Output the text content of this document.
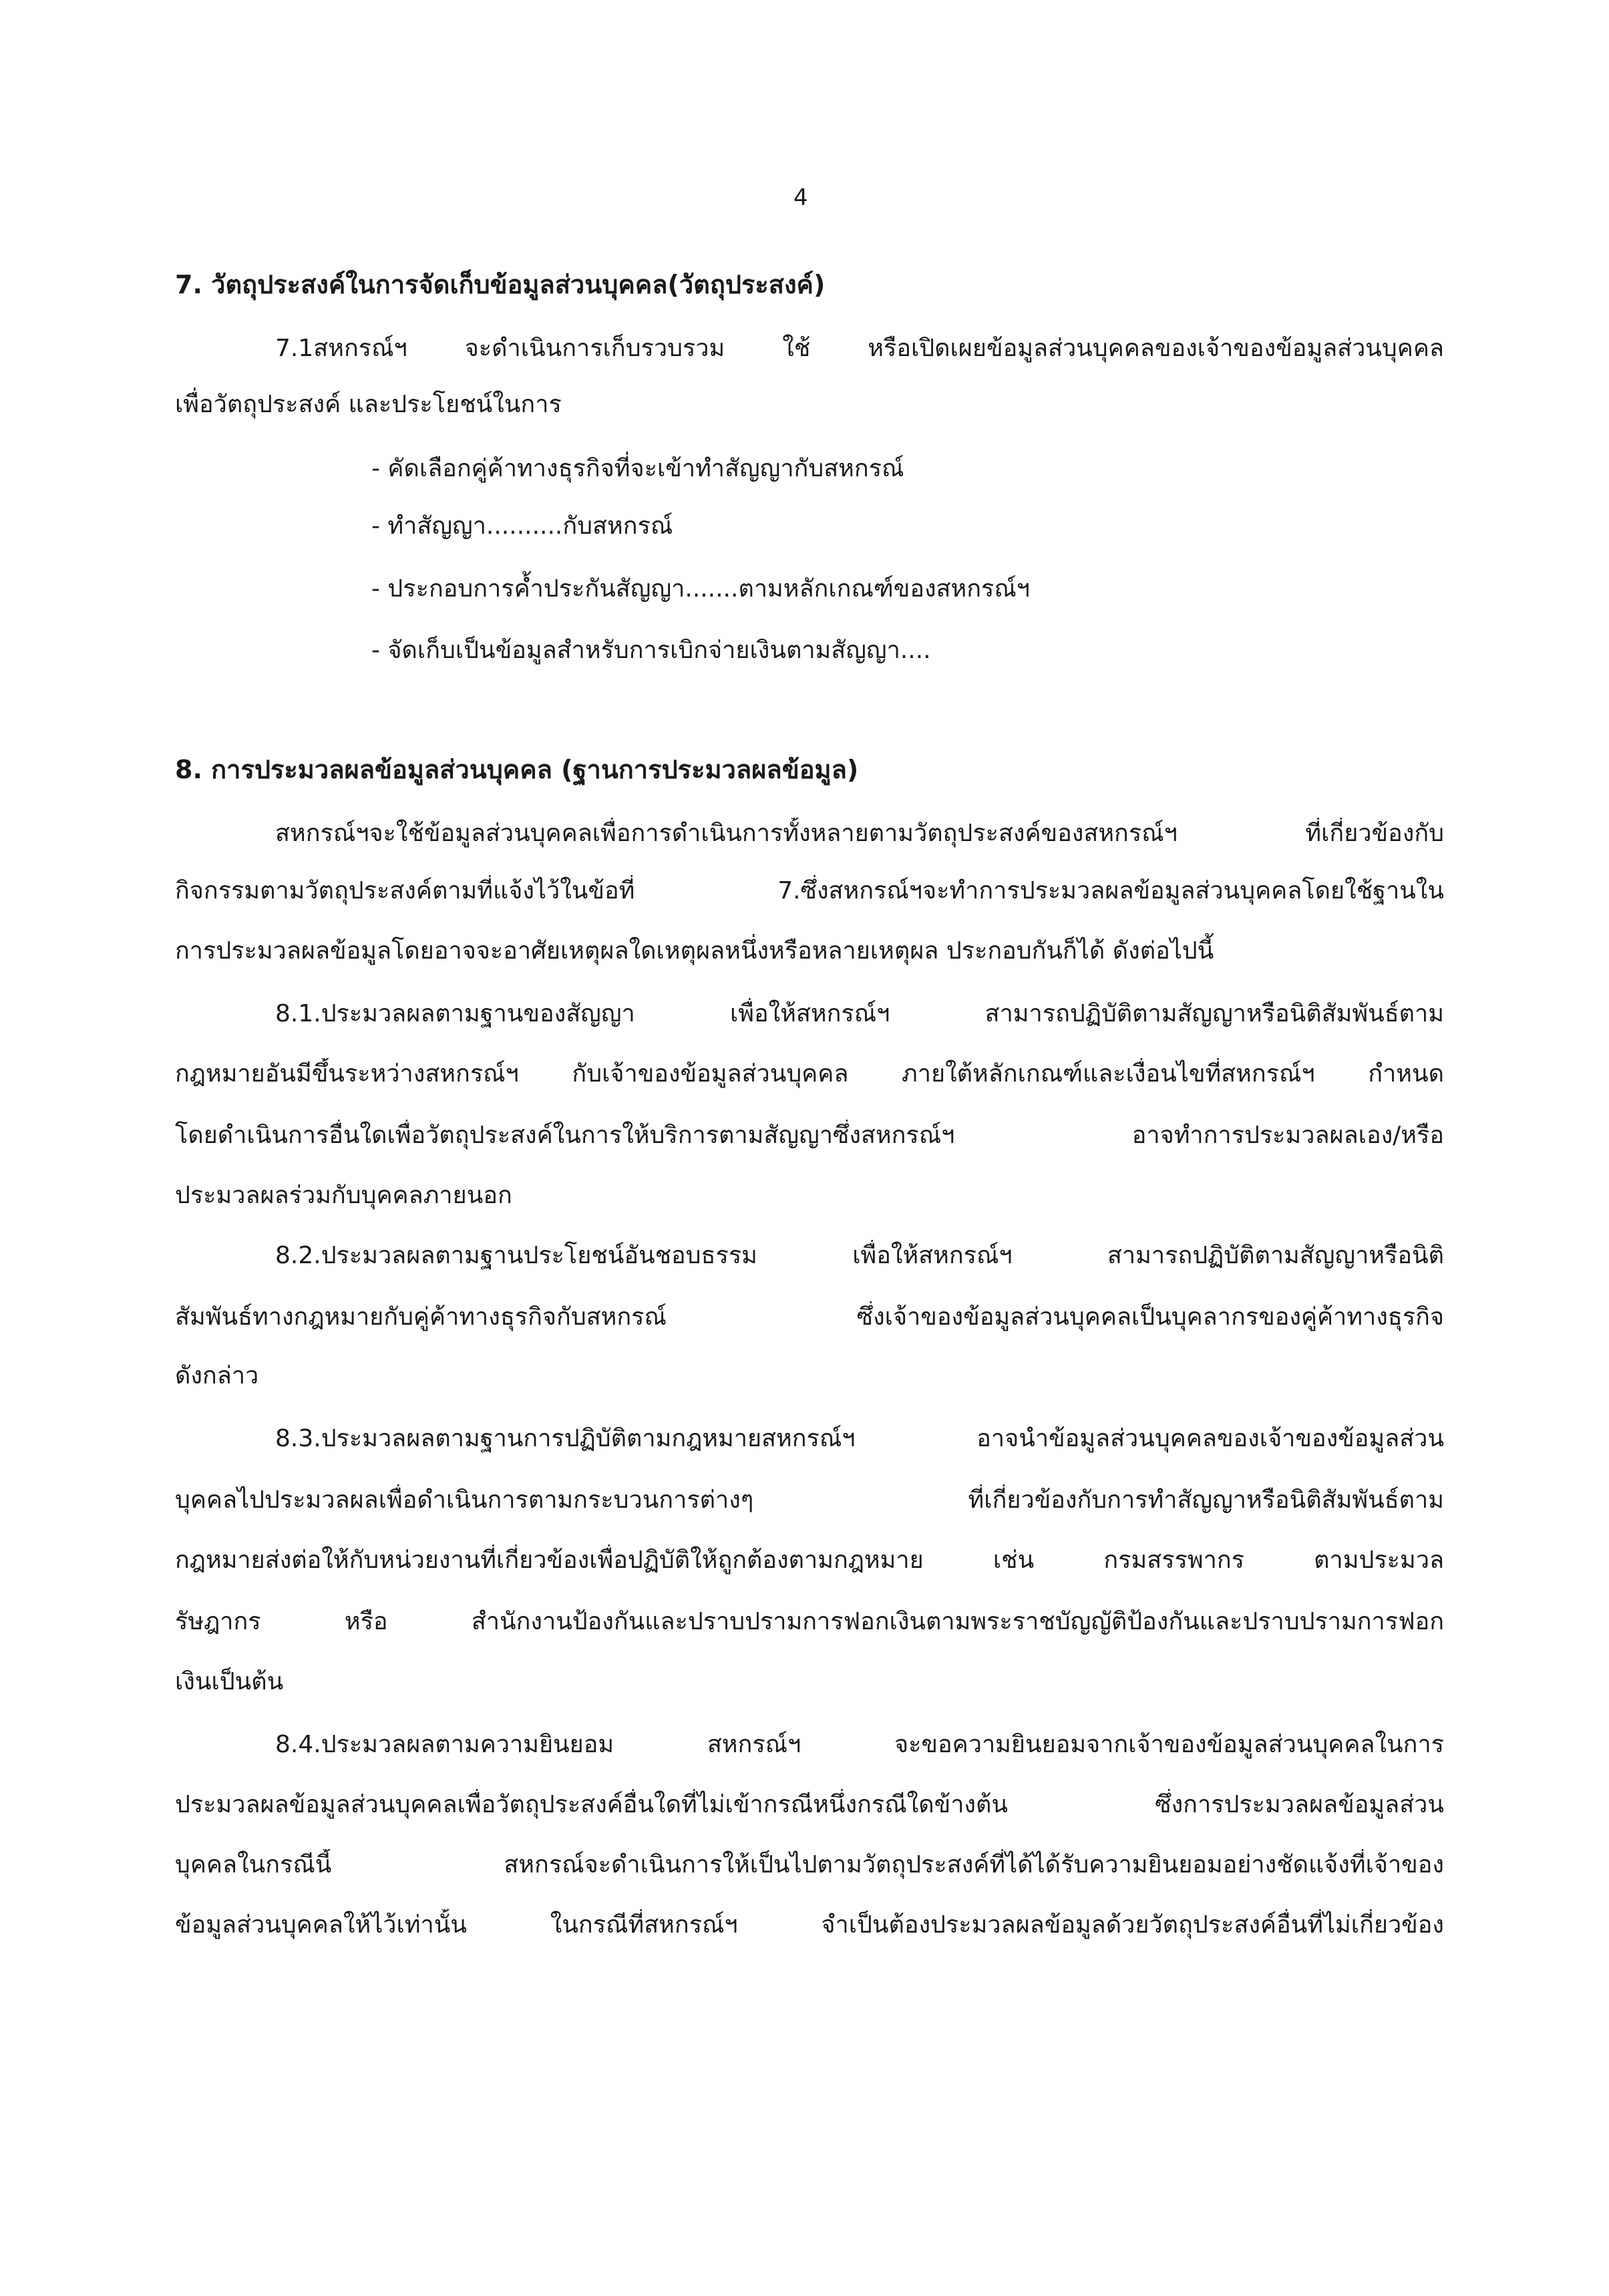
4
7. วัตถุประสงค์ในการจัดเก็บข้อมูลส่วนบุคคล(วัตถุประสงค์)
7.1สหกรณ์ฯ จะดำเนินการเก็บรวบรวม ใช้ หรือเปิดเผยข้อมูลส่วนบุคคลของเจ้าของข้อมูลส่วนบุคคล
เพื่อวัตถุประสงค์ และประโยชน์ในการ
- คัดเลือกคู่ค้าทางธุรกิจที่จะเข้าทำสัญญากับสหกรณ์
- ทำสัญญา..........กับสหกรณ์
- ประกอบการค้ำประกันสัญญา.......ตามหลักเกณฑ์ของสหกรณ์ฯ
- จัดเก็บเป็นข้อมูลสำหรับการเบิกจ่ายเงินตามสัญญา....
8. การประมวลผลข้อมูลส่วนบุคคล (ฐานการประมวลผลข้อมูล)
สหกรณ์ฯจะใช้ข้อมูลส่วนบุคคลเพื่อการดำเนินการทั้งหลายตามวัตถุประสงค์ของสหกรณ์ฯ ที่เกี่ยวข้องกับ
กิจกรรมตามวัตถุประสงค์ตามที่แจ้งไว้ในข้อที่ 7.ซึ่งสหกรณ์ฯจะทำการประมวลผลข้อมูลส่วนบุคคลโดยใช้ฐานใน
การประมวลผลข้อมูลโดยอาจจะอาศัยเหตุผลใดเหตุผลหนึ่งหรือหลายเหตุผล ประกอบกันก็ได้ ดังต่อไปนี้
8.1.ประมวลผลตามฐานของสัญญา เพื่อให้สหกรณ์ฯ สามารถปฏิบัติตามสัญญาหรือนิติสัมพันธ์ตาม
กฎหมายอันมีขึ้นระหว่างสหกรณ์ฯ กับเจ้าของข้อมูลส่วนบุคคล ภายใต้หลักเกณฑ์และเงื่อนไขที่สหกรณ์ฯ กำหนด
โดยดำเนินการอื่นใดเพื่อวัตถุประสงค์ในการให้บริการตามสัญญาซึ่งสหกรณ์ฯ อาจทำการประมวลผลเอง/หรือ
ประมวลผลร่วมกับบุคคลภายนอก
8.2.ประมวลผลตามฐานประโยชน์อันชอบธรรม เพื่อให้สหกรณ์ฯ สามารถปฏิบัติตามสัญญาหรือนิติ
สัมพันธ์ทางกฎหมายกับคู่ค้าทางธุรกิจกับสหกรณ์ ซึ่งเจ้าของข้อมูลส่วนบุคคลเป็นบุคลากรของคู่ค้าทางธุรกิจ
ดังกล่าว
8.3.ประมวลผลตามฐานการปฏิบัติตามกฎหมายสหกรณ์ฯ อาจนำข้อมูลส่วนบุคคลของเจ้าของข้อมูลส่วน
บุคคลไปประมวลผลเพื่อดำเนินการตามกระบวนการต่างๆ ที่เกี่ยวข้องกับการทำสัญญาหรือนิติสัมพันธ์ตาม
กฎหมายส่งต่อให้กับหน่วยงานที่เกี่ยวข้องเพื่อปฏิบัติให้ถูกต้องตามกฎหมาย เช่น กรมสรรพากร ตามประมวล
รัษฎากร หรือ สำนักงานป้องกันและปราบปรามการฟอกเงินตามพระราชบัญญัติป้องกันและปราบปรามการฟอก
เงินเป็นต้น
8.4.ประมวลผลตามความยินยอม สหกรณ์ฯ จะขอความยินยอมจากเจ้าของข้อมูลส่วนบุคคลในการ
ประมวลผลข้อมูลส่วนบุคคลเพื่อวัตถุประสงค์อื่นใดที่ไม่เข้ากรณีหนึ่งกรณีใดข้างต้น ซึ่งการประมวลผลข้อมูลส่วน
บุคคลในกรณีนี้ สหกรณ์จะดำเนินการให้เป็นไปตามวัตถุประสงค์ที่ได้ได้รับความยินยอมอย่างชัดแจ้งที่เจ้าของ
ข้อมูลส่วนบุคคลให้ไว้เท่านั้น ในกรณีที่สหกรณ์ฯ จำเป็นต้องประมวลผลข้อมูลด้วยวัตถุประสงค์อื่นที่ไม่เกี่ยวข้อง
